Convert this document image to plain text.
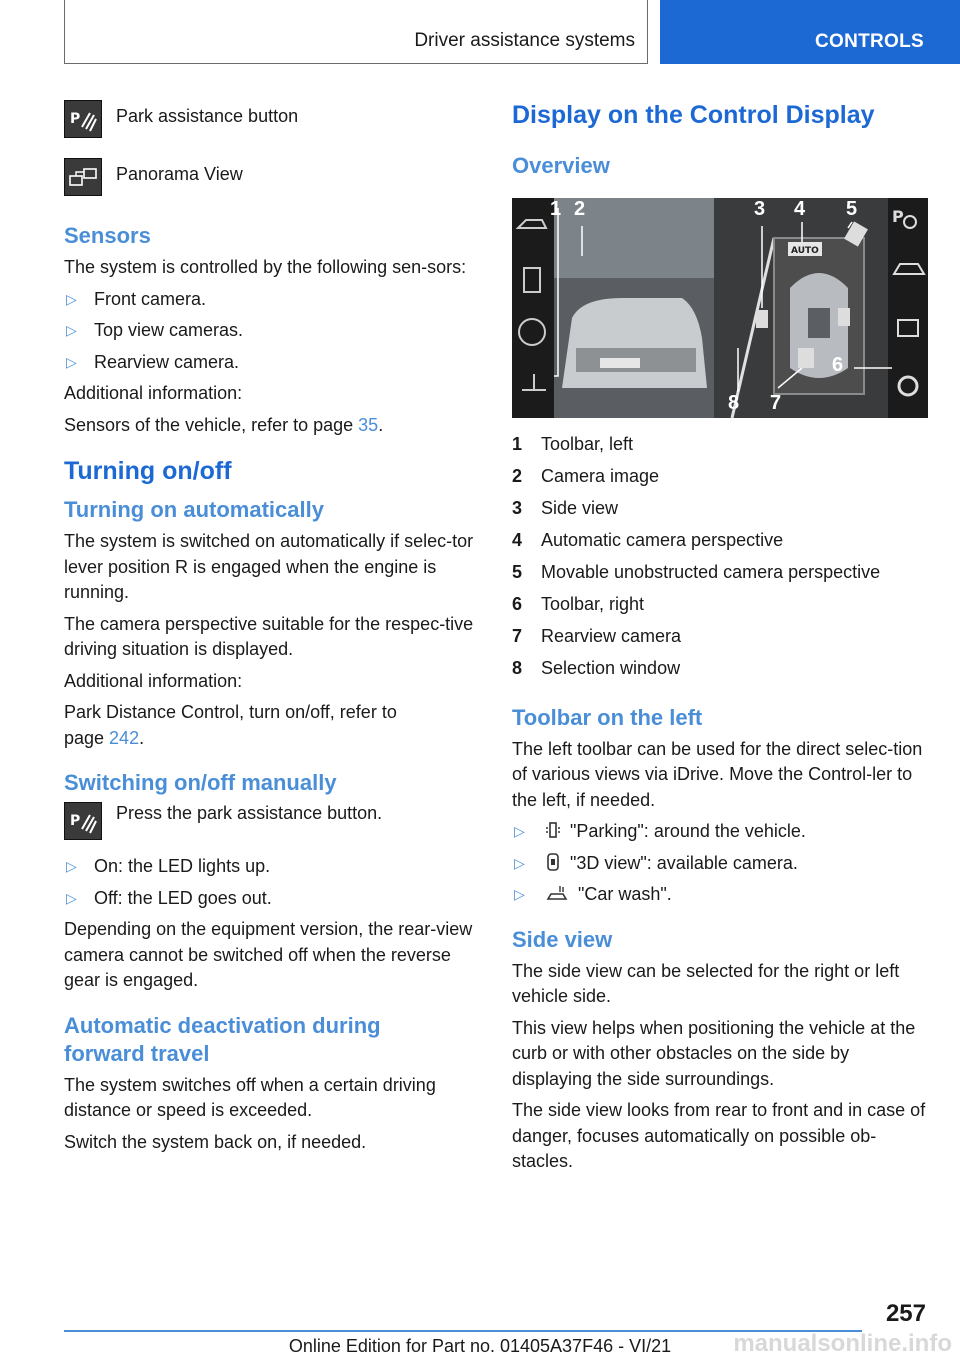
Driver assistance systems	CONTROLS
P Park assistance button
Panorama View
Sensors

The system is controlled by the following sen-sors:

▷ Front camera.
▷ Top view cameras.
▷ Rearview camera.

Additional information:

Sensors of the vehicle, refer to page 35.

Turning on/off
Turning on automatically

The system is switched on automatically if selec-tor lever position R is engaged when the engine is running.

The camera perspective suitable for the respec-tive driving situation is displayed.

Additional information:

Park Distance Control, turn on/off, refer to page 242.

Switching on/off manually
P Press the park assistance button.
▷ On: the LED lights up.
▷ Off: the LED goes out.

Depending on the equipment version, the rear-view camera cannot be switched off when the reverse gear is engaged.

Automatic deactivation during forward travel

The system switches off when a certain driving distance or speed is exceeded.

Switch the system back on, if needed.

Display on the Control Display
Overview
AUTO
P
1 2	3 4 5
6
7
8
1	Toolbar, left
2	Camera image
3	Side view
4	Automatic camera perspective
5	Movable unobstructed camera perspective
6	Toolbar, right
7	Rearview camera
8	Selection window
Toolbar on the left

The left toolbar can be used for the direct selec-tion of various views via iDrive. Move the Control-ler to the left, if needed.

▷	"Parking": around the vehicle.
▷	"3D view": available camera.
▷	"Car wash".
Side view

The side view can be selected for the right or left vehicle side.

This view helps when positioning the vehicle at the curb or with other obstacles on the side by displaying the side surroundings.

The side view looks from rear to front and in case of danger, focuses automatically on possible ob-stacles.

257
manualsonline.info
Online Edition for Part no. 01405A37F46 - VI/21
